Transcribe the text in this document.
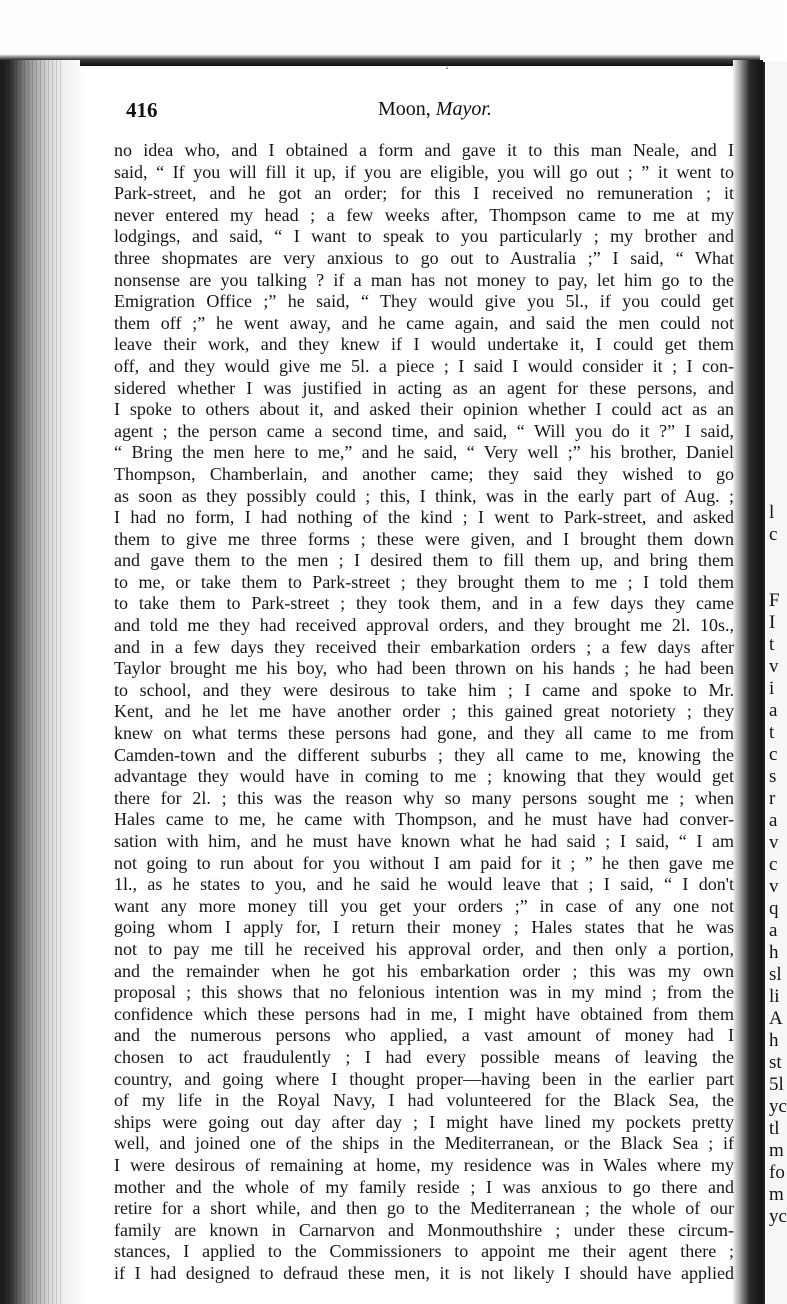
l
c
F
I
t
v
i
a
t
c
s
r
a
v
c
v
q
a
h
sl
li
A
h
st
5l
yc
tl
m
fo
m
yc
' ! '
416	Moon, Mayor.
no idea who, and I obtained a form and gave it to this man Neale, and I
said, “ If you will fill it up, if you are eligible, you will go out ; ” it went to
Park-street, and he got an order; for this I received no remuneration ; it
never entered my head ; a few weeks after, Thompson came to me at my
lodgings, and said, “ I want to speak to you particularly ; my brother and
three shopmates are very anxious to go out to Australia ;” I said, “ What
nonsense are you talking ? if a man has not money to pay, let him go to the
Emigration Office ;” he said, “ They would give you 5l., if you could get
them off ;” he went away, and he came again, and said the men could not
leave their work, and they knew if I would undertake it, I could get them
off, and they would give me 5l. a piece ; I said I would consider it ; I con-
sidered whether I was justified in acting as an agent for these persons, and
I spoke to others about it, and asked their opinion whether I could act as an
agent ; the person came a second time, and said, “ Will you do it ?” I said,
“ Bring the men here to me,” and he said, “ Very well ;” his brother, Daniel
Thompson, Chamberlain, and another came; they said they wished to go
as soon as they possibly could ; this, I think, was in the early part of Aug. ;
I had no form, I had nothing of the kind ; I went to Park-street, and asked
them to give me three forms ; these were given, and I brought them down
and gave them to the men ; I desired them to fill them up, and bring them
to me, or take them to Park-street ; they brought them to me ; I told them
to take them to Park-street ; they took them, and in a few days they came
and told me they had received approval orders, and they brought me 2l. 10s.,
and in a few days they received their embarkation orders ; a few days after
Taylor brought me his boy, who had been thrown on his hands ; he had been
to school, and they were desirous to take him ; I came and spoke to Mr.
Kent, and he let me have another order ; this gained great notoriety ; they
knew on what terms these persons had gone, and they all came to me from
Camden-town and the different suburbs ; they all came to me, knowing the
advantage they would have in coming to me ; knowing that they would get
there for 2l. ; this was the reason why so many persons sought me ; when
Hales came to me, he came with Thompson, and he must have had conver-
sation with him, and he must have known what he had said ; I said, “ I am
not going to run about for you without I am paid for it ; ” he then gave me
1l., as he states to you, and he said he would leave that ; I said, “ I don't
want any more money till you get your orders ;” in case of any one not
going whom I apply for, I return their money ; Hales states that he was
not to pay me till he received his approval order, and then only a portion,
and the remainder when he got his embarkation order ; this was my own
proposal ; this shows that no felonious intention was in my mind ; from the
confidence which these persons had in me, I might have obtained from them
and the numerous persons who applied, a vast amount of money had I
chosen to act fraudulently ; I had every possible means of leaving the
country, and going where I thought proper—having been in the earlier part
of my life in the Royal Navy, I had volunteered for the Black Sea, the
ships were going out day after day ; I might have lined my pockets pretty
well, and joined one of the ships in the Mediterranean, or the Black Sea ; if
I were desirous of remaining at home, my residence was in Wales where my
mother and the whole of my family reside ; I was anxious to go there and
retire for a short while, and then go to the Mediterranean ; the whole of our
family are known in Carnarvon and Monmouthshire ; under these circum-
stances, I applied to the Commissioners to appoint me their agent there ;
if I had designed to defraud these men, it is not likely I should have applied
